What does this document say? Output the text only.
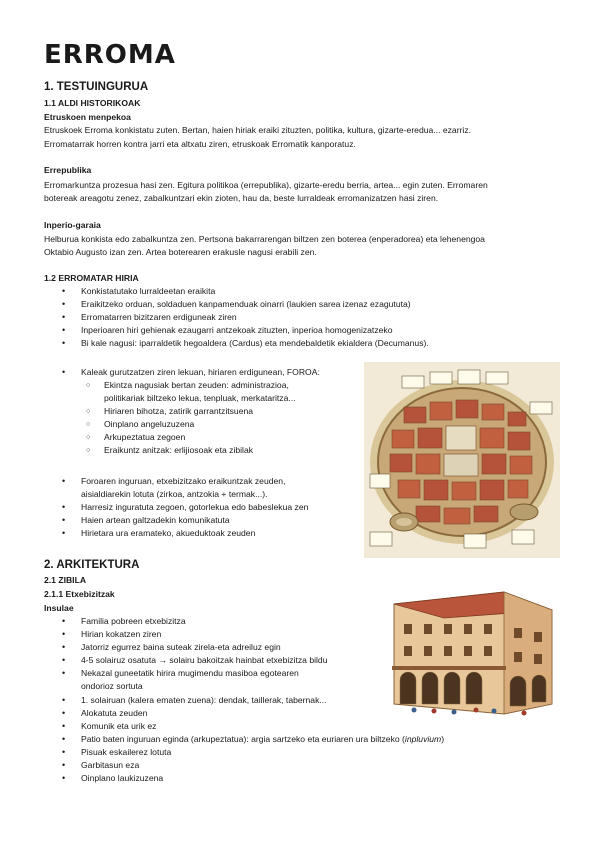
ERROMA
1. TESTUINGURUA
1.1 ALDI HISTORIKOAK
Etruskoen menpekoa
Etruskoek Erroma konkistatu zuten. Bertan, haien hiriak eraiki zituzten, politika, kultura, gizarte-eredua... ezarriz.
Erromatarrak horren kontra jarri eta altxatu ziren, etruskoak Erromatik kanporatuz.
Errepublika
Erromarkuntza prozesua hasi zen. Egitura politikoa (errepublika), gizarte-eredu berria, artea... egin zuten. Erromaren
botereak areagotu zenez, zabalkuntzari ekin zioten, hau da, beste lurraldeak erromanizatzen hasi ziren.
Inperio-garaia
Helburua konkista edo zabalkuntza zen. Pertsona bakarrarengan biltzen zen boterea (enperadorea) eta lehenengoa
Oktabio Augusto izan zen. Artea boterearen erakusle nagusi erabili zen.
1.2 ERROMATAR HIRIA
• Konkistatutako lurraldeetan eraikita
• Eraikitzeko orduan, soldaduen kanpamenduak oinarri (laukien sarea izenaz ezagututa)
• Erromatarren bizitzaren erdiguneak ziren
• Inperioaren hiri gehienak ezaugarri antzekoak zituzten, inperioa homogenizatzeko
• Bi kale nagusi: iparraldetik hegoaldera (Cardus) eta mendebaldetik ekialdera (Decumanus).
• Kaleak gurutzatzen ziren lekuan, hiriaren erdigunean, FOROA:
○ Ekintza nagusiak bertan zeuden: administrazioa,
politikariak biltzeko lekua, tenpluak, merkataritza...
○ Hiriaren bihotza, zatirik garrantzitsuena
○ Oinplano angeluzuzena
○ Arkupeztatua zegoen
○ Eraikuntz anitzak: erlijiosoak eta zibilak
• Foroaren inguruan, etxebizitzako eraikuntzak zeuden,
aisialdiarekin lotuta (zirkoa, antzokia + termak...).
• Harresiz inguratuta zegoen, gotorlekua edo babeslekua zen
• Haien artean galtzadekin komunikatuta
• Hirietara ura eramateko, akueduktoak zeuden
2. ARKITEKTURA
2.1 ZIBILA
2.1.1 Etxebizitzak
Insulae
• Familia pobreen etxebizitza
• Hirian kokatzen ziren
• Jatorriz egurrez baina suteak zirela-eta adreiluz egin
• 4-5 solairuz osatuta → solairu bakoitzak hainbat etxebizitza bildu
• Nekazal guneetatik hirira mugimendu masiboa egotearen
ondorioz sortuta
• 1. solairuan (kalera ematen zuena): dendak, taillerak, tabernak...
• Alokatuta zeuden
• Komunik eta urik ez
• Patio baten inguruan eginda (arkupeztatua): argia sartzeko eta euriaren ura biltzeko (inpluvium)
• Pisuak eskailerez lotuta
• Garbitasun eza
• Oinplano laukizuzena
